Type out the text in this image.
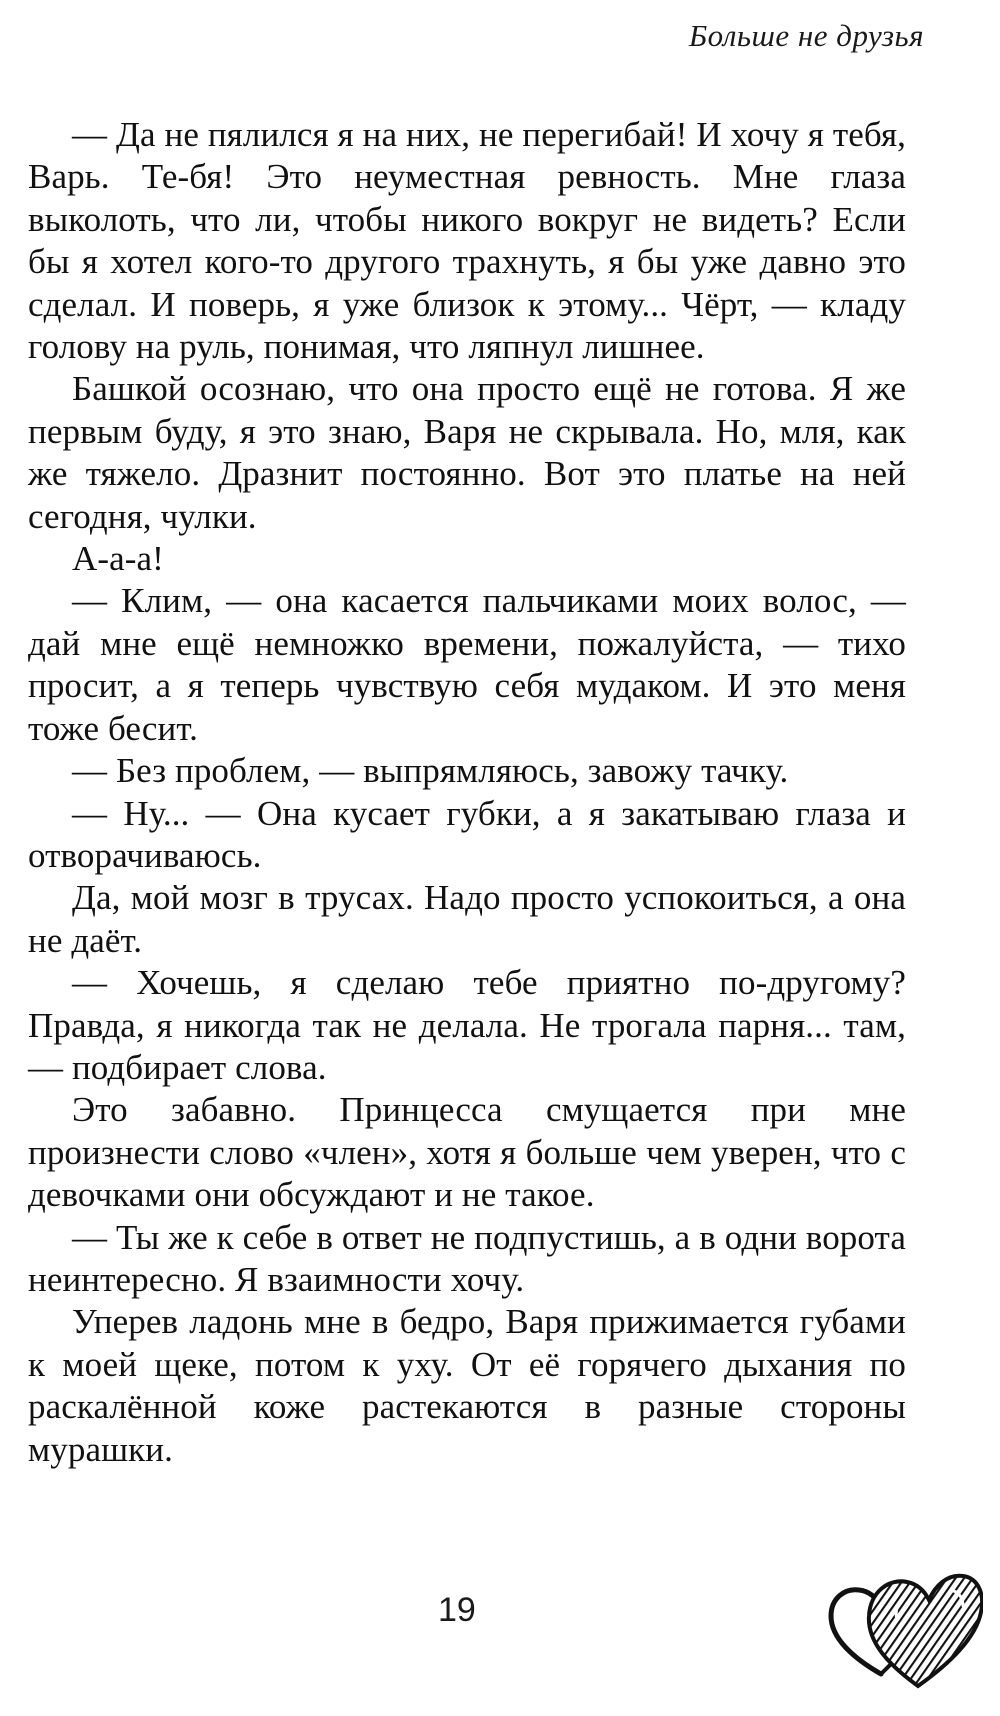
Больше не друзья

— Да не пялился я на них, не перегибай! И хочу я тебя, Варь. Те-бя! Это неуместная ревность. Мне глаза выколоть, что ли, чтобы никого вокруг не видеть? Если бы я хотел кого-то другого трахнуть, я бы уже давно это сделал. И поверь, я уже близок к этому... Чёрт, — кладу голову на руль, понимая, что ляпнул лишнее.

Башкой осознаю, что она просто ещё не готова. Я же первым буду, я это знаю, Варя не скрывала. Но, мля, как же тяжело. Дразнит постоянно. Вот это платье на ней сегодня, чулки.

А-а-а!

— Клим, — она касается пальчиками моих волос, — дай мне ещё немножко времени, пожалуйста, — тихо просит, а я теперь чувствую себя мудаком. И это меня тоже бесит.

— Без проблем, — выпрямляюсь, завожу тачку.

— Ну... — Она кусает губки, а я закатываю глаза и отворачиваюсь.

Да, мой мозг в трусах. Надо просто успокоиться, а она не даёт.

— Хочешь, я сделаю тебе приятно по-другому? Правда, я никогда так не делала. Не трогала парня... там, — подбирает слова.

Это забавно. Принцесса смущается при мне произнести слово «член», хотя я больше чем уверен, что с девочками они обсуждают и не такое.

— Ты же к себе в ответ не подпустишь, а в одни ворота неинтересно. Я взаимности хочу.

Уперев ладонь мне в бедро, Варя прижимается губами к моей щеке, потом к уху. От её горячего дыхания по раскалённой коже растекаются в разные стороны мурашки.

19
